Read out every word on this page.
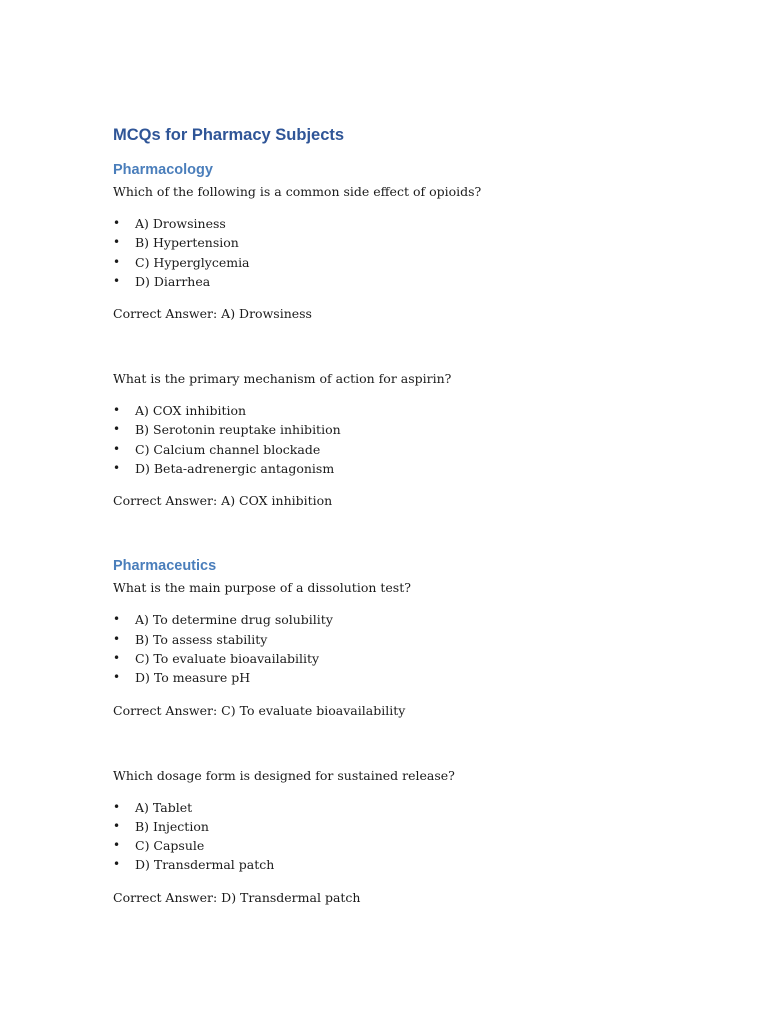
MCQs for Pharmacy Subjects
Pharmacology

Which of the following is a common side effect of opioids?

• A) Drowsiness
• B) Hypertension
• C) Hyperglycemia
• D) Diarrhea

Correct Answer: A) Drowsiness

What is the primary mechanism of action for aspirin?

• A) COX inhibition
• B) Serotonin reuptake inhibition
• C) Calcium channel blockade
• D) Beta-adrenergic antagonism

Correct Answer: A) COX inhibition

Pharmaceutics

What is the main purpose of a dissolution test?

• A) To determine drug solubility
• B) To assess stability
• C) To evaluate bioavailability
• D) To measure pH

Correct Answer: C) To evaluate bioavailability

Which dosage form is designed for sustained release?

• A) Tablet
• B) Injection
• C) Capsule
• D) Transdermal patch

Correct Answer: D) Transdermal patch
